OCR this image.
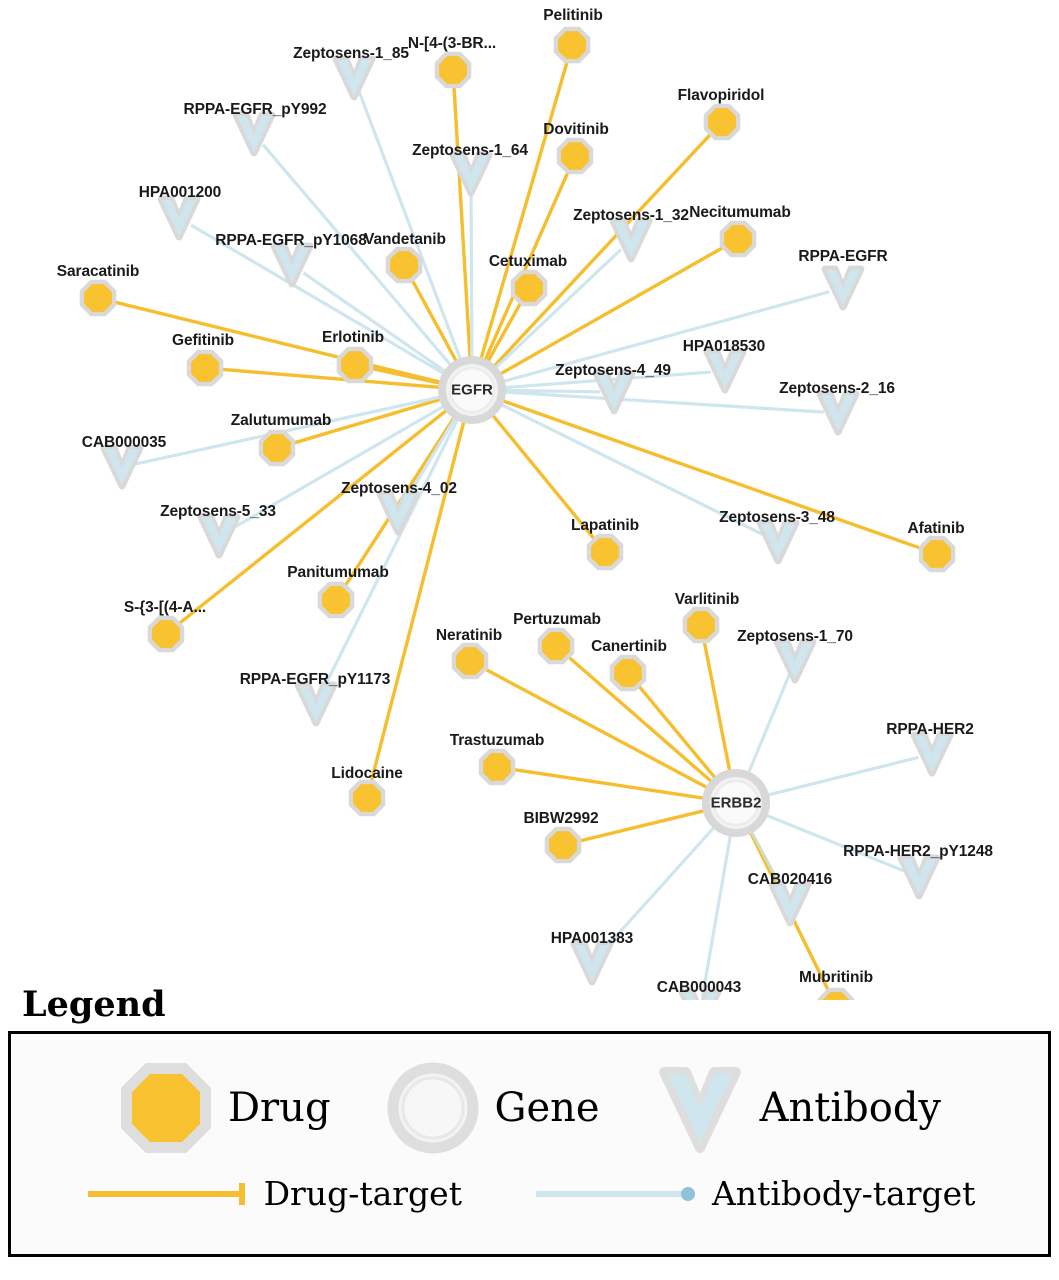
Zeptosens-1_85
RPPA-EGFR_pY992
Zeptosens-1_64
HPA001200
Zeptosens-1_32
RPPA-EGFR_pY1068
RPPA-EGFR
HPA018530
Zeptosens-4_49
Zeptosens-2_16
CAB000035
Zeptosens-4_02
Zeptosens-5_33	Zeptosens-3_48
RPPA-EGFR_pY1173
Zeptosens-1_70
RPPA-HER2
RPPA-HER2_pY1248
CAB020416
HPA001383
CAB000043
Pelitinib
N-[4-(3-BR...
Flavopiridol
Dovitinib
Necitumumab
Vandetanib
Cetuximab
Saracatinib
Gefitinib	Erlotinib
Zalutumumab
Panitumumab
S-{3-[(4-A...
Lapatinib	Afatinib
Varlitinib
Pertuzumab
Neratinib
Canertinib
Trastuzumab
Lidocaine
BIBW2992
Mubritinib
EGFR
ERBB2
Legend
Drug	Gene	Antibody
Drug-target	Antibody-target
